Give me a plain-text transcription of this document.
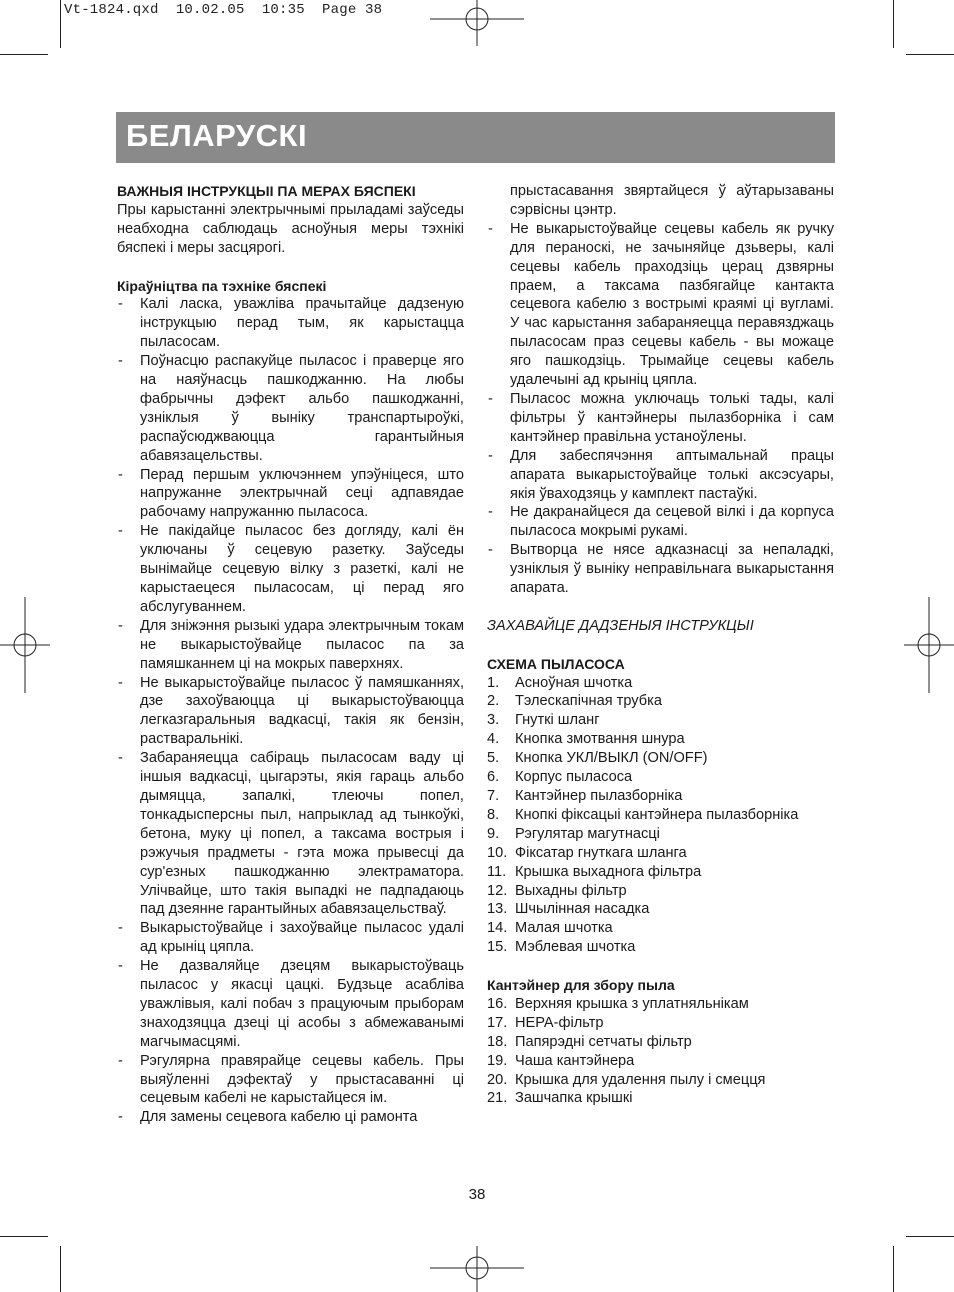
Vt-1824.qxd  10.02.05  10:35  Page 38
БЕЛАРУСКІ
ВАЖНЫЯ ІНСТРУКЦЫІ ПА МЕРАХ БЯСПЕКІ
Пры карыстанні электрычнымі прыладамі заўседы неабходна саблюдаць асноўныя меры тэхнікі бяспекі і меры засцярогі.
Кіраўніцтва па тэхніке бяспекі
- Калі ласка, уважліва прачытайце дадзеную інструкцыю перад тым, як карыстацца пыласосам.
- Поўнасцю распакуйце пыласос і праверце яго на наяўнасць пашкоджанню. На любы фабрычны дэфект альбо пашкоджанні, узніклыя ў выніку транспартыроўкі, распаўсюджваюцца гарантыйныя абавязацельствы.
- Перад першым уключэннем упэўніцеся, што напружанне электрычнай сеці адпавядае рабочаму напружанню пыласоса.
- Не пакідайце пыласос без догляду, калі ён уключаны ў сецевую разетку. Заўседы вынімайце сецевую вілку з разеткі, калі не карыстаецеся пыласосам, ці перад яго абслугуваннем.
- Для зніжэння рызыкі удара электрычным токам не выкарыстоўвайце пыласос па за памяшканнем ці на мокрых паверхнях.
- Не выкарыстоўвайце пыласос ў памяшканнях, дзе захоўваюцца ці выкарыстоўваюцца легказгаральныя вадкасці, такія як бензін, растваральнікі.
- Забараняецца сабіраць пыласосам ваду ці іншыя вадкасці, цыгарэты, якія гараць альбо дымяцца, запалкі, тлеючы попел, тонкадысперсны пыл, напрыклад ад тынкоўкі, бетона, муку ці попел, а таксама вострыя і рэжучыя прадметы - гэта можа прывесці да сур'езных пашкоджанню электраматора. Улічвайце, што такія выпадкі не падпадаюць пад дзеянне гарантыйных абавязацельстваў.
- Выкарыстоўвайце і захоўвайце пыласос удалі ад крыніц цяпла.
- Не дазваляйце дзецям выкарыстоўваць пыласос у якасці цацкі. Будзьце асабліва уважлівыя, калі побач з працуючым прыборам знаходзяцца дзеці ці асобы з абмежаванымі магчымасцямі.
- Рэгулярна правярайце сецевы кабель. Пры выяўленні дэфектаў у прыстасаванні ці сецевым кабелі не карыстайцеся ім.
- Для замены сецевога кабелю ці рамонта
прыстасавання звяртайцеся ў аўтарызаваны сэрвісны цэнтр.
- Не выкарыстоўвайце сецевы кабель як ручку для пераноскі, не зачыняйце дзьверы, калі сецевы кабель праходзіць церац дзвярны праем, а таксама пазбягайце кантакта сецевога кабелю з вострымі краямі ці вугламі. У час карыстання забараняецца перавязджаць пыласосам праз сецевы кабель - вы можаце яго пашкодзіць. Трымайце сецевы кабель удалечыні ад крыніц цяпла.
- Пыласос можна уключаць толькі тады, калі фільтры ў кантэйнеры пылазборніка і сам кантэйнер правільна устаноўлены.
- Для забеспячэння аптымальнай працы апарата выкарыстоўвайце толькі аксэсуары, якія ўваходзяць у камплект пастаўкі.
- Не дакранайцеся да сецевой вілкі і да корпуса пыласоса мокрымі рукамі.
- Вытворца не нясе адказнасці за непаладкі, узніклыя ў выніку неправільнага выкарыстання апарата.
ЗАХАВАЙЦЕ ДАДЗЕНЫЯ ІНСТРУКЦЫІ
СХЕМА ПЫЛАСОСА
1. Асноўная шчотка
2. Тэлескапічная трубка
3. Гнуткі шланг
4. Кнопка змотвання шнура
5. Кнопка УКЛ/ВЫКЛ (ON/OFF)
6. Корпус пыласоса
7. Кантэйнер пылазборніка
8. Кнопкі фіксацыі кантэйнера пылазборніка
9. Рэгулятар магутнасці
10. Фіксатар гнуткага шланга
11. Крышка выхаднога фільтра
12. Выхадны фільтр
13. Шчылінная насадка
14. Малая шчотка
15. Мэблевая шчотка
Кантэйнер для збору пыла
16. Верхняя крышка з уплатняльнікам
17. HEPA-фільтр
18. Папярэдні сетчаты фільтр
19. Чаша кантэйнера
20. Крышка для удалення пылу і смецця
21. Зашчапка крышкі
38
